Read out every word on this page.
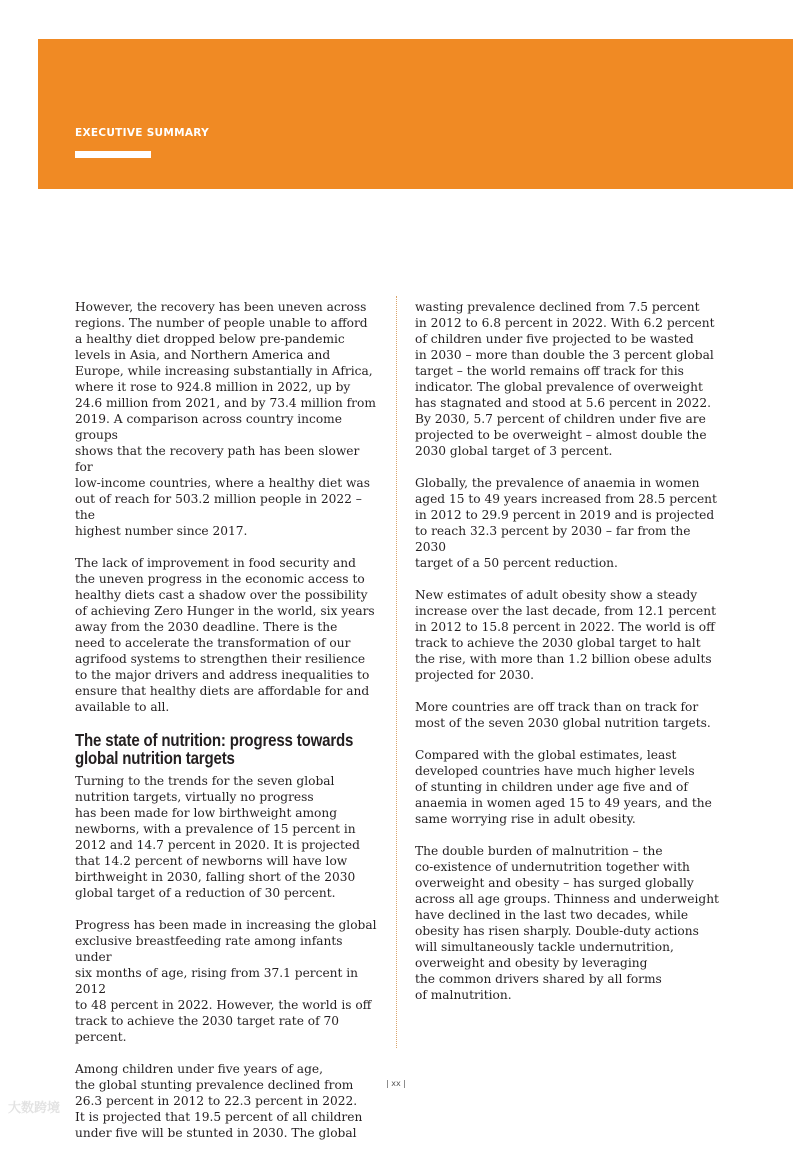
EXECUTIVE SUMMARY

However, the recovery has been uneven across
regions. The number of people unable to afford
a healthy diet dropped below pre-pandemic
levels in Asia, and Northern America and
Europe, while increasing substantially in Africa,
where it rose to 924.8 million in 2022, up by
24.6 million from 2021, and by 73.4 million from
2019. A comparison across country income groups
shows that the recovery path has been slower for
low-income countries, where a healthy diet was
out of reach for 503.2 million people in 2022 – the
highest number since 2017.

The lack of improvement in food security and
the uneven progress in the economic access to
healthy diets cast a shadow over the possibility
of achieving Zero Hunger in the world, six years
away from the 2030 deadline. There is the
need to accelerate the transformation of our
agrifood systems to strengthen their resilience
to the major drivers and address inequalities to
ensure that healthy diets are affordable for and
available to all.

The state of nutrition: progress towards global nutrition targets

Turning to the trends for the seven global
nutrition targets, virtually no progress
has been made for low birthweight among
newborns, with a prevalence of 15 percent in
2012 and 14.7 percent in 2020. It is projected
that 14.2 percent of newborns will have low
birthweight in 2030, falling short of the 2030
global target of a reduction of 30 percent.

Progress has been made in increasing the global
exclusive breastfeeding rate among infants under
six months of age, rising from 37.1 percent in 2012
to 48 percent in 2022. However, the world is off
track to achieve the 2030 target rate of 70 percent.

Among children under five years of age,
the global stunting prevalence declined from
26.3 percent in 2012 to 22.3 percent in 2022.
It is projected that 19.5 percent of all children
under five will be stunted in 2030. The global

wasting prevalence declined from 7.5 percent
in 2012 to 6.8 percent in 2022. With 6.2 percent
of children under five projected to be wasted
in 2030 – more than double the 3 percent global
target – the world remains off track for this
indicator. The global prevalence of overweight
has stagnated and stood at 5.6 percent in 2022.
By 2030, 5.7 percent of children under five are
projected to be overweight – almost double the
2030 global target of 3 percent.

Globally, the prevalence of anaemia in women
aged 15 to 49 years increased from 28.5 percent
in 2012 to 29.9 percent in 2019 and is projected
to reach 32.3 percent by 2030 – far from the 2030
target of a 50 percent reduction.

New estimates of adult obesity show a steady
increase over the last decade, from 12.1 percent
in 2012 to 15.8 percent in 2022. The world is off
track to achieve the 2030 global target to halt
the rise, with more than 1.2 billion obese adults
projected for 2030.

More countries are off track than on track for
most of the seven 2030 global nutrition targets.

Compared with the global estimates, least
developed countries have much higher levels
of stunting in children under age five and of
anaemia in women aged 15 to 49 years, and the
same worrying rise in adult obesity.

The double burden of malnutrition – the
co-existence of undernutrition together with
overweight and obesity – has surged globally
across all age groups. Thinness and underweight
have declined in the last two decades, while
obesity has risen sharply. Double-duty actions
will simultaneously tackle undernutrition,
overweight and obesity by leveraging
the common drivers shared by all forms
of malnutrition.

| xx |
大数跨境
